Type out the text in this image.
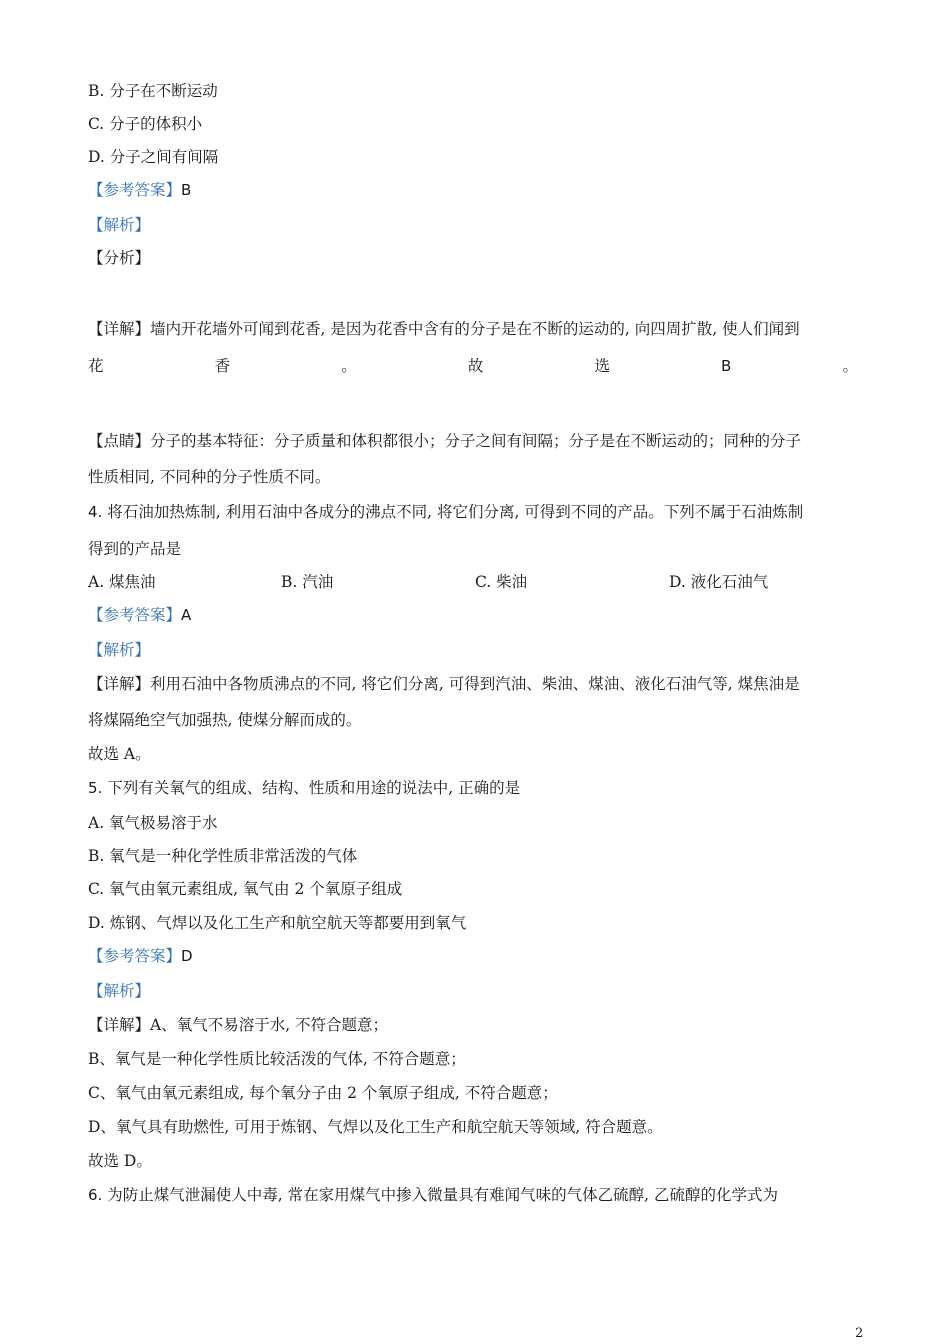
B. 分子在不断运动
C. 分子的体积小
D. 分子之间有间隔
【参考答案】B
【解析】
【分析】
【详解】墙内开花墙外可闻到花香, 是因为花香中含有的分子是在不断的运动的, 向四周扩散, 使人们闻到
花	香	。	故	选	B	。
【点睛】分子的基本特征：分子质量和体积都很小；分子之间有间隔；分子是在不断运动的；同种的分子
性质相同, 不同种的分子性质不同。
4. 将石油加热炼制, 利用石油中各成分的沸点不同, 将它们分离, 可得到不同的产品。下列不属于石油炼制
得到的产品是
A. 煤焦油	B. 汽油	C. 柴油	D. 液化石油气
【参考答案】A
【解析】
【详解】利用石油中各物质沸点的不同, 将它们分离, 可得到汽油、柴油、煤油、液化石油气等, 煤焦油是
将煤隔绝空气加强热, 使煤分解而成的。
故选 A。
5. 下列有关氧气的组成、结构、性质和用途的说法中, 正确的是
A. 氧气极易溶于水
B. 氧气是一种化学性质非常活泼的气体
C. 氧气由氧元素组成, 氧气由 2 个氧原子组成
D. 炼钢、气焊以及化工生产和航空航天等都要用到氧气
【参考答案】D
【解析】
【详解】A、氧气不易溶于水, 不符合题意；
B、氧气是一种化学性质比较活泼的气体, 不符合题意；
C、氧气由氧元素组成, 每个氧分子由 2 个氧原子组成, 不符合题意；
D、氧气具有助燃性, 可用于炼钢、气焊以及化工生产和航空航天等领域, 符合题意。
故选 D。
6. 为防止煤气泄漏使人中毒, 常在家用煤气中掺入微量具有难闻气味的气体乙硫醇, 乙硫醇的化学式为
2
